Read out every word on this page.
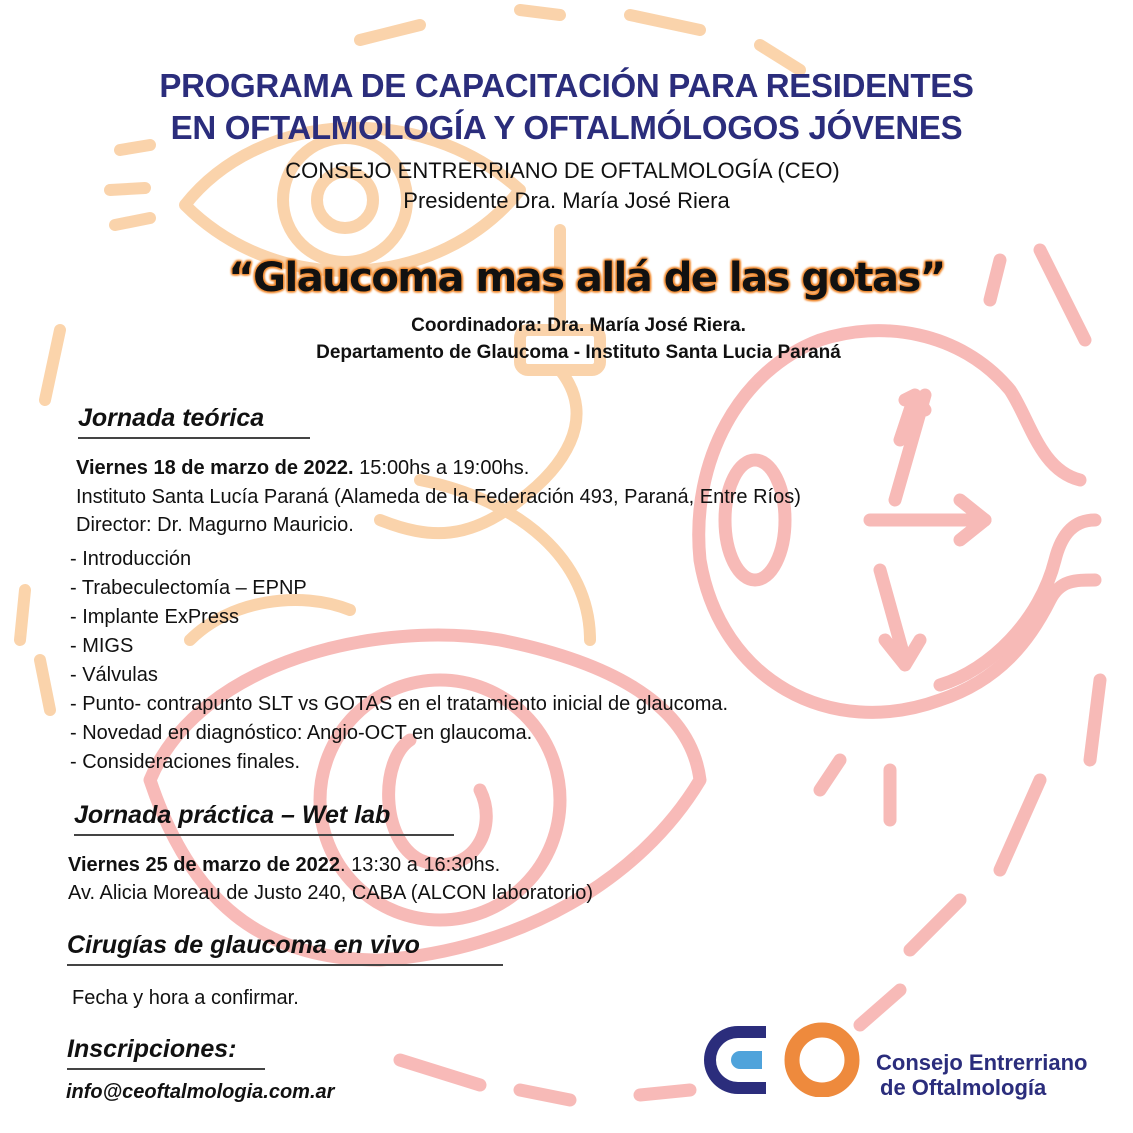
PROGRAMA DE CAPACITACIÓN PARA RESIDENTES
EN OFTALMOLOGÍA Y OFTALMÓLOGOS JÓVENES
CONSEJO ENTRERRIANO DE OFTALMOLOGÍA (CEO)
Presidente Dra. María José Riera
“Glaucoma mas allá de las gotas”
Coordinadora: Dra. María José Riera.
Departamento de Glaucoma - Instituto Santa Lucia Paraná
Jornada teórica
Viernes 18 de marzo de 2022. 15:00hs a 19:00hs.
Instituto Santa Lucía Paraná (Alameda de la Federación 493, Paraná, Entre Ríos)
Director: Dr. Magurno Mauricio.
- Introducción
- Trabeculectomía – EPNP
- Implante ExPress
- MIGS
- Válvulas
- Punto- contrapunto SLT vs GOTAS en el tratamiento inicial de glaucoma.
- Novedad en diagnóstico: Angio-OCT en glaucoma.
- Consideraciones finales.
Jornada práctica – Wet lab
Viernes 25 de marzo de 2022. 13:30 a 16:30hs.
Av. Alicia Moreau de Justo 240, CABA (ALCON laboratorio)
Cirugías de glaucoma en vivo
Fecha y hora a confirmar.
Inscripciones:
info@ceoftalmologia.com.ar
Consejo Entrerriano
de Oftalmología
